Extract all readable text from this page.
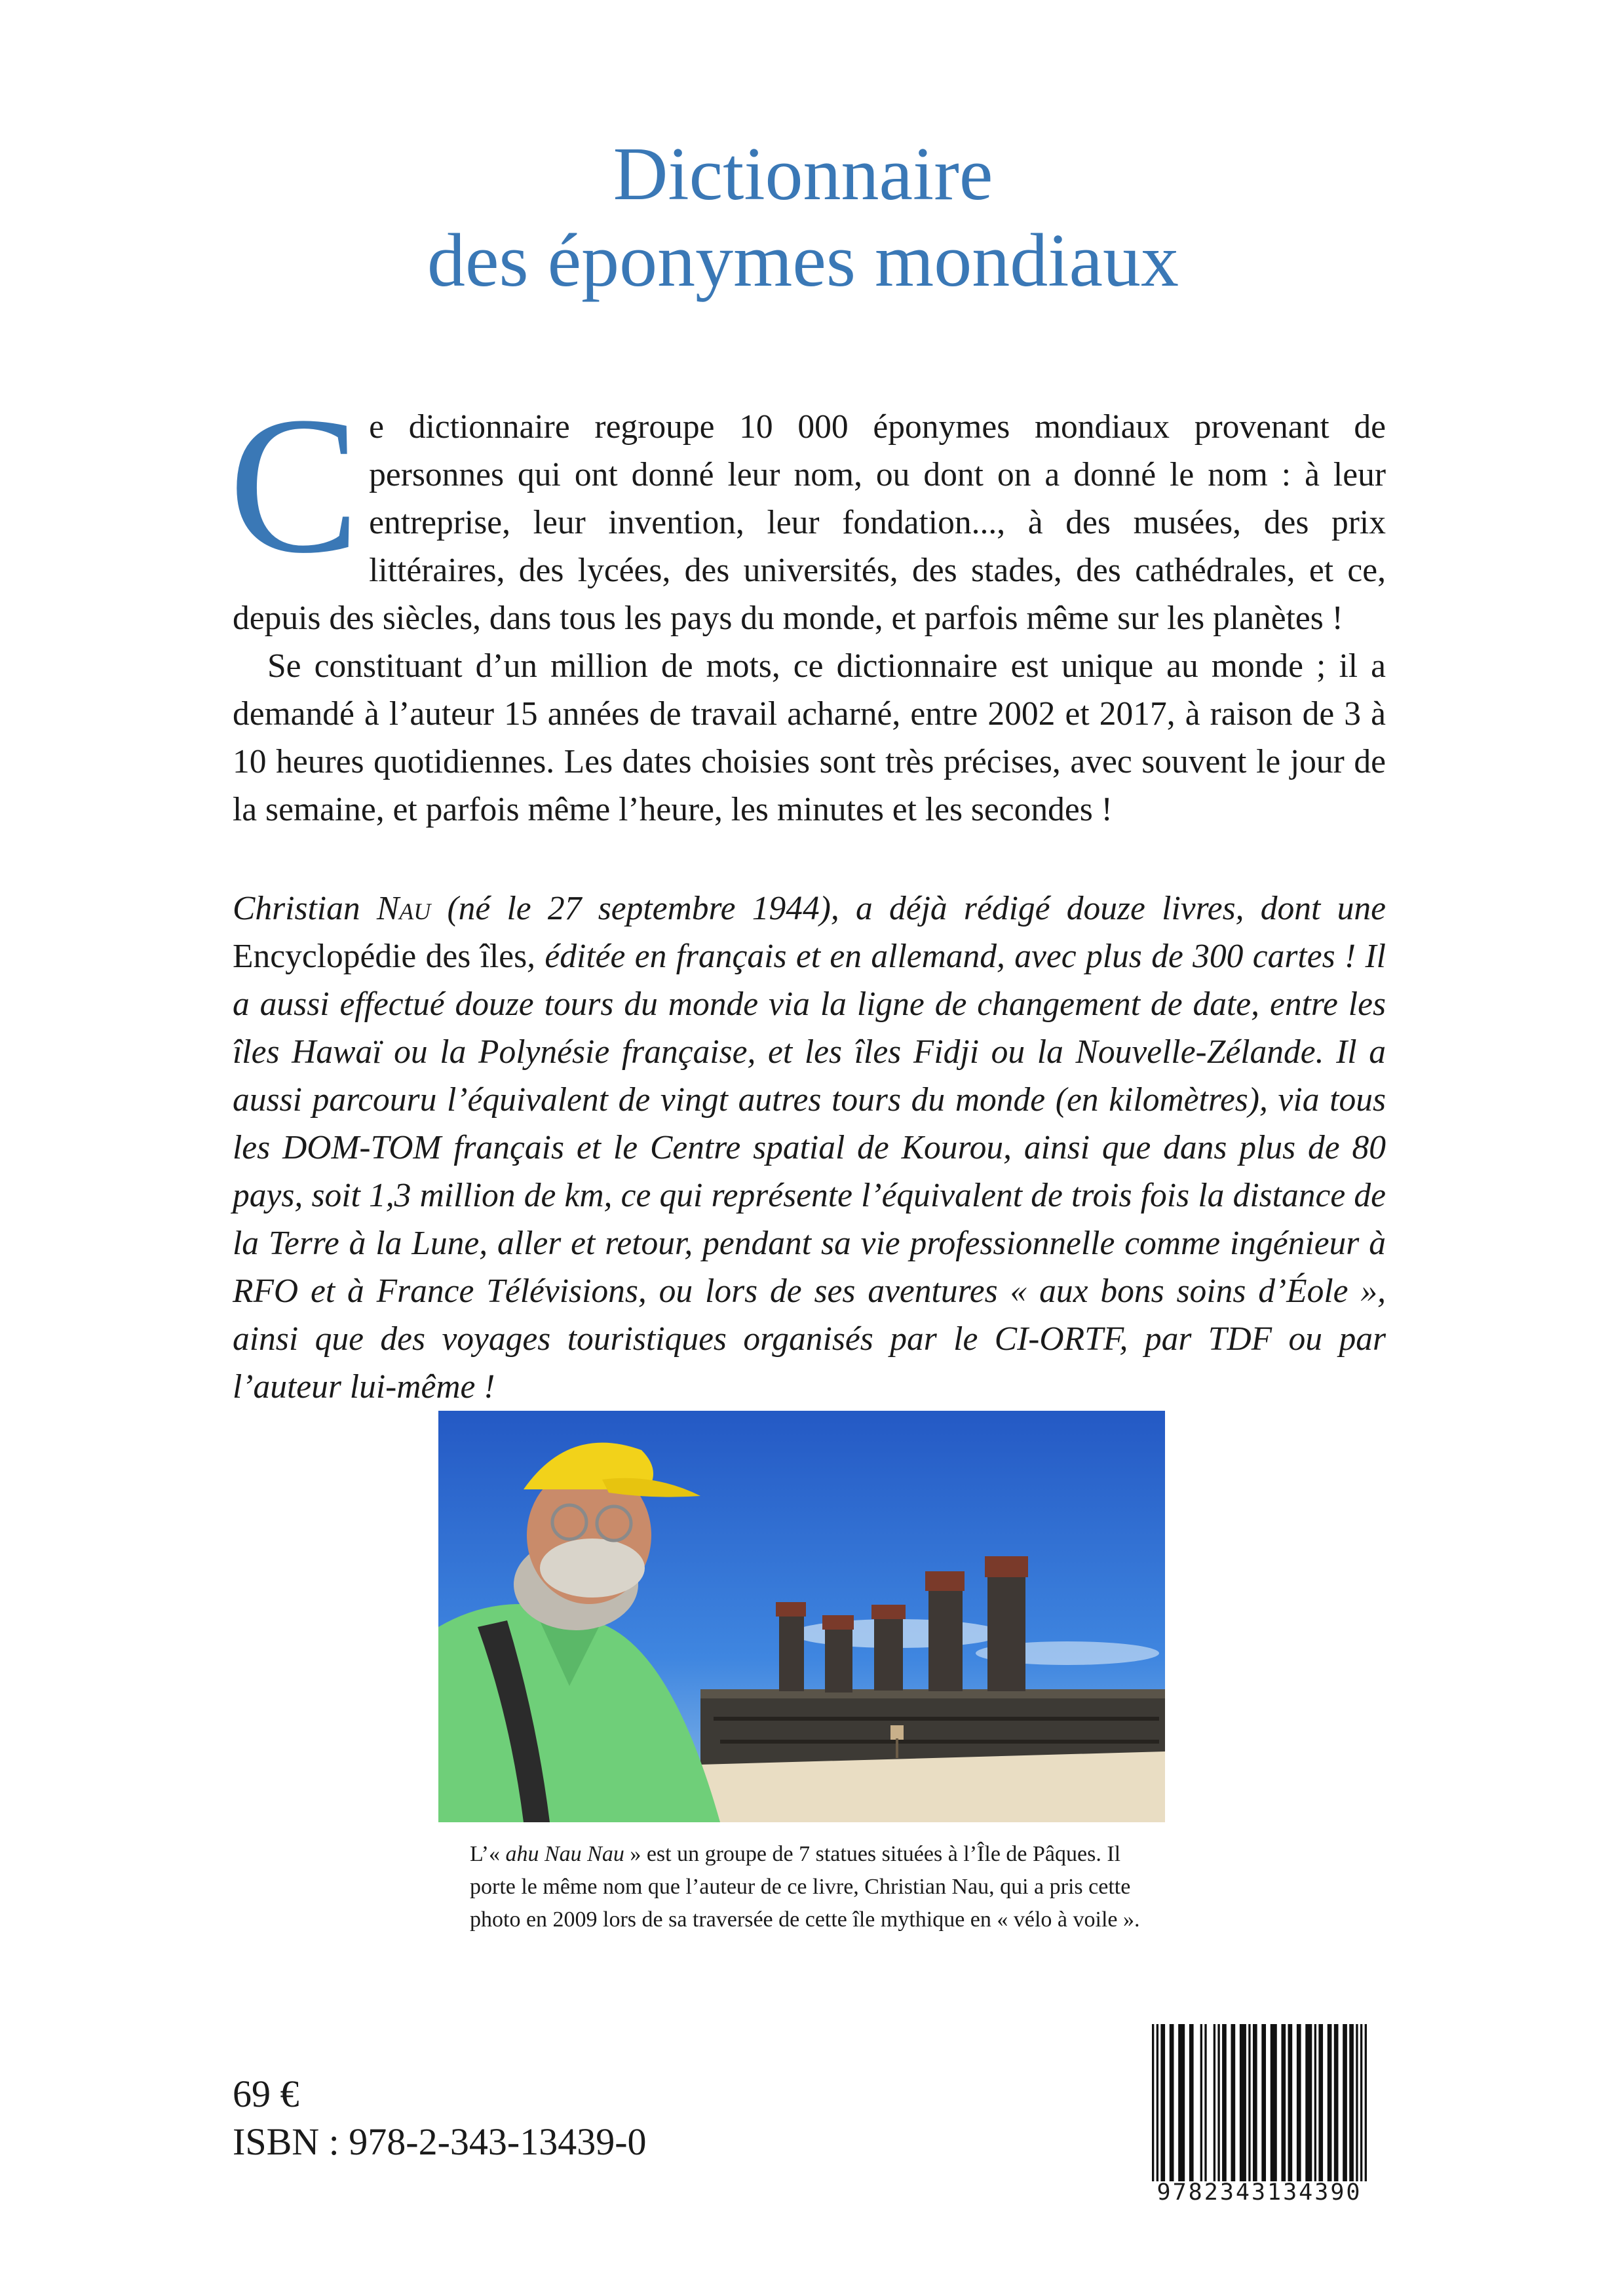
Dictionnaire
des éponymes mondiaux

Ce dictionnaire regroupe 10 000 éponymes mondiaux provenant de personnes qui ont donné leur nom, ou dont on a donné le nom : à leur entreprise, leur invention, leur fondation..., à des musées, des prix littéraires, des lycées, des universités, des stades, des cathédrales, et ce, depuis des siècles, dans tous les pays du monde, et parfois même sur les planètes !

Se constituant d’un million de mots, ce dictionnaire est unique au monde ; il a demandé à l’auteur 15 années de travail acharné, entre 2002 et 2017, à raison de 3 à 10 heures quotidiennes. Les dates choisies sont très précises, avec souvent le jour de la semaine, et parfois même l’heure, les minutes et les secondes !

Christian Nau (né le 27 septembre 1944), a déjà rédigé douze livres, dont une Encyclopédie des îles, éditée en français et en allemand, avec plus de 300 cartes ! Il a aussi effectué douze tours du monde via la ligne de changement de date, entre les îles Hawaï ou la Polynésie française, et les îles Fidji ou la Nouvelle-Zélande. Il a aussi parcouru l’équivalent de vingt autres tours du monde (en kilomètres), via tous les DOM-TOM français et le Centre spatial de Kourou, ainsi que dans plus de 80 pays, soit 1,3 million de km, ce qui représente l’équivalent de trois fois la distance de la Terre à la Lune, aller et retour, pendant sa vie professionnelle comme ingénieur à RFO et à France Télévisions, ou lors de ses aventures « aux bons soins d’Éole », ainsi que des voyages touristiques organisés par le CI-ORTF, par TDF ou par l’auteur lui-même !

L’« ahu Nau Nau » est un groupe de 7 statues situées à l’Île de Pâques. Il porte le même nom que l’auteur de ce livre, Christian Nau, qui a pris cette photo en 2009 lors de sa traversée de cette île mythique en « vélo à voile ».

69 €
ISBN : 978-2-343-13439-0
9782343134390
